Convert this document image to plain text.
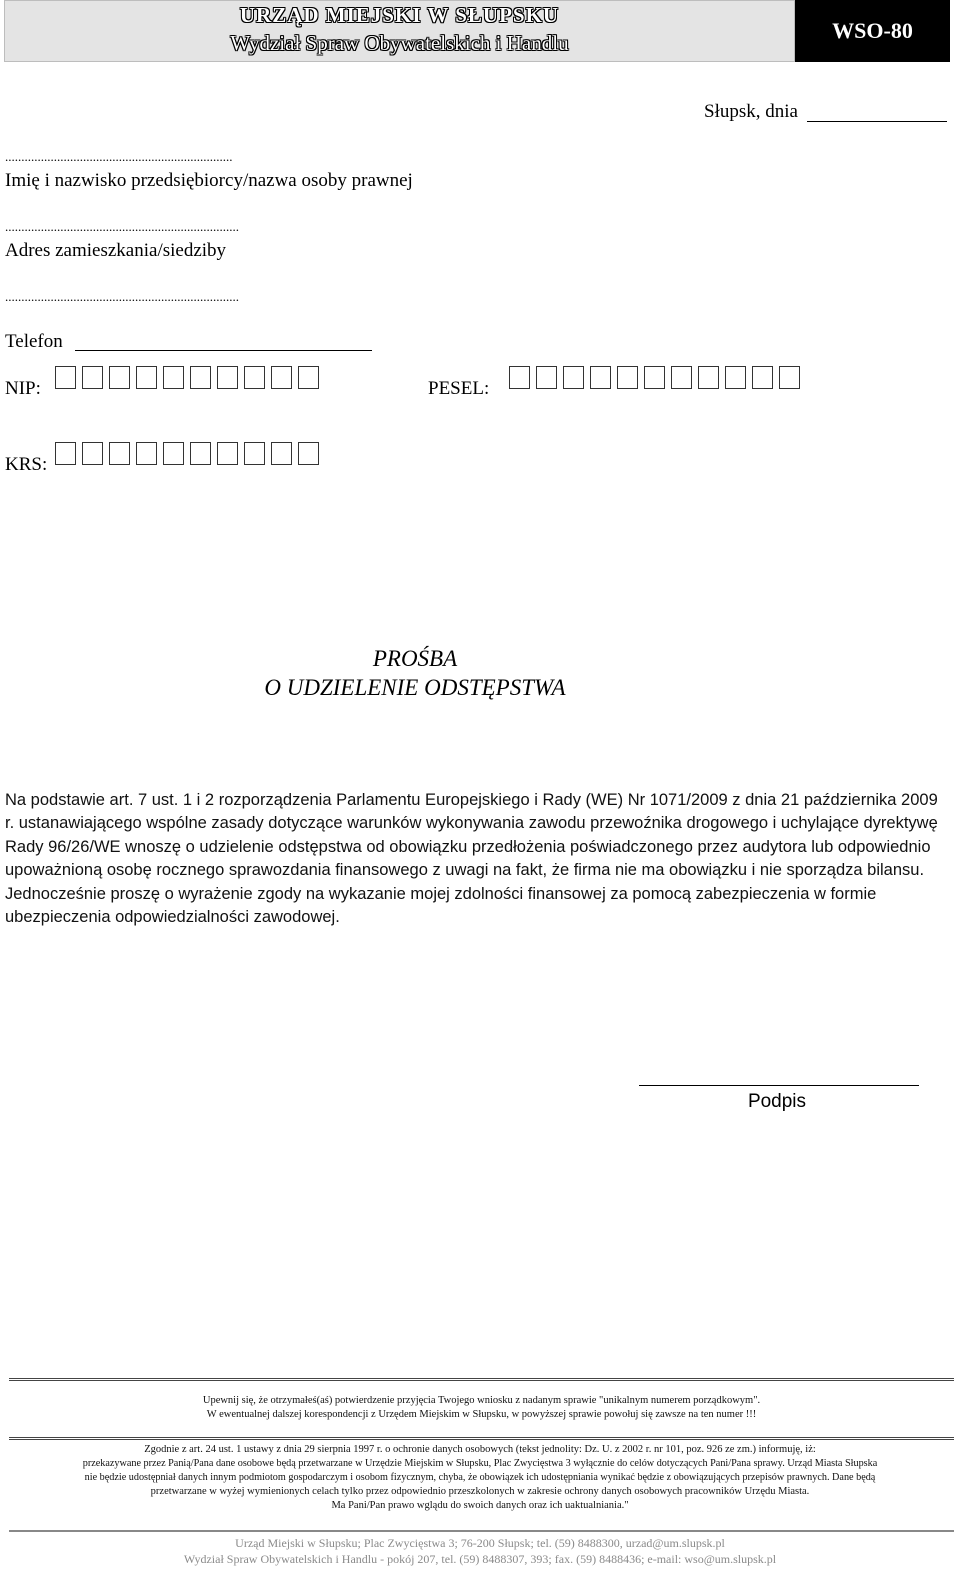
URZĄD MIEJSKI W SŁUPSKU
Wydział Spraw Obywatelskich i Handlu	WSO-80
Słupsk, dnia
......................................................................
Imię i nazwisko przedsiębiorcy/nazwa osoby prawnej
........................................................................
Adres zamieszkania/siedziby
........................................................................
Telefon
NIP:	PESEL:
KRS:
PROŚBA
O UDZIELENIE ODSTĘPSTWA

Na podstawie art. 7 ust. 1 i 2 rozporządzenia Parlamentu Europejskiego i Rady (WE) Nr 1071/2009 z dnia 21 października 2009 r. ustanawiającego wspólne zasady dotyczące warunków wykonywania zawodu przewoźnika drogowego i uchylające dyrektywę Rady 96/26/WE wnoszę o udzielenie odstępstwa od obowiązku przedłożenia poświadczonego przez audytora lub odpowiednio upoważnioną osobę rocznego sprawozdania finansowego z uwagi na fakt, że firma nie ma obowiązku i nie sporządza bilansu.

Jednocześnie proszę o wyrażenie zgody na wykazanie mojej zdolności finansowej za pomocą zabezpieczenia w formie ubezpieczenia odpowiedzialności zawodowej.

Podpis
Upewnij się, że otrzymałeś(aś) potwierdzenie przyjęcia Twojego wniosku z nadanym sprawie "unikalnym numerem porządkowym".
W ewentualnej dalszej korespondencji z Urzędem Miejskim w Słupsku, w powyższej sprawie powołuj się zawsze na ten numer !!!
Zgodnie z art. 24 ust. 1 ustawy z dnia 29 sierpnia 1997 r. o ochronie danych osobowych (tekst jednolity: Dz. U. z 2002 r. nr 101, poz. 926 ze zm.) informuję, iż:
przekazywane przez Panią/Pana dane osobowe będą przetwarzane w Urzędzie Miejskim w Słupsku, Plac Zwycięstwa 3 wyłącznie do celów dotyczących Pani/Pana sprawy. Urząd Miasta Słupska
nie będzie udostępniał danych innym podmiotom gospodarczym i osobom fizycznym, chyba, że obowiązek ich udostępniania wynikać będzie z obowiązujących przepisów prawnych. Dane będą
przetwarzane w wyżej wymienionych celach tylko przez odpowiednio przeszkolonych w zakresie ochrony danych osobowych pracowników Urzędu Miasta.
Ma Pani/Pan prawo wglądu do swoich danych oraz ich uaktualniania."
Urząd Miejski w Słupsku; Plac Zwycięstwa 3; 76-200 Słupsk; tel. (59) 8488300, urzad@um.slupsk.pl
Wydział Spraw Obywatelskich i Handlu - pokój 207, tel. (59) 8488307, 393; fax. (59) 8488436; e-mail: wso@um.slupsk.pl
